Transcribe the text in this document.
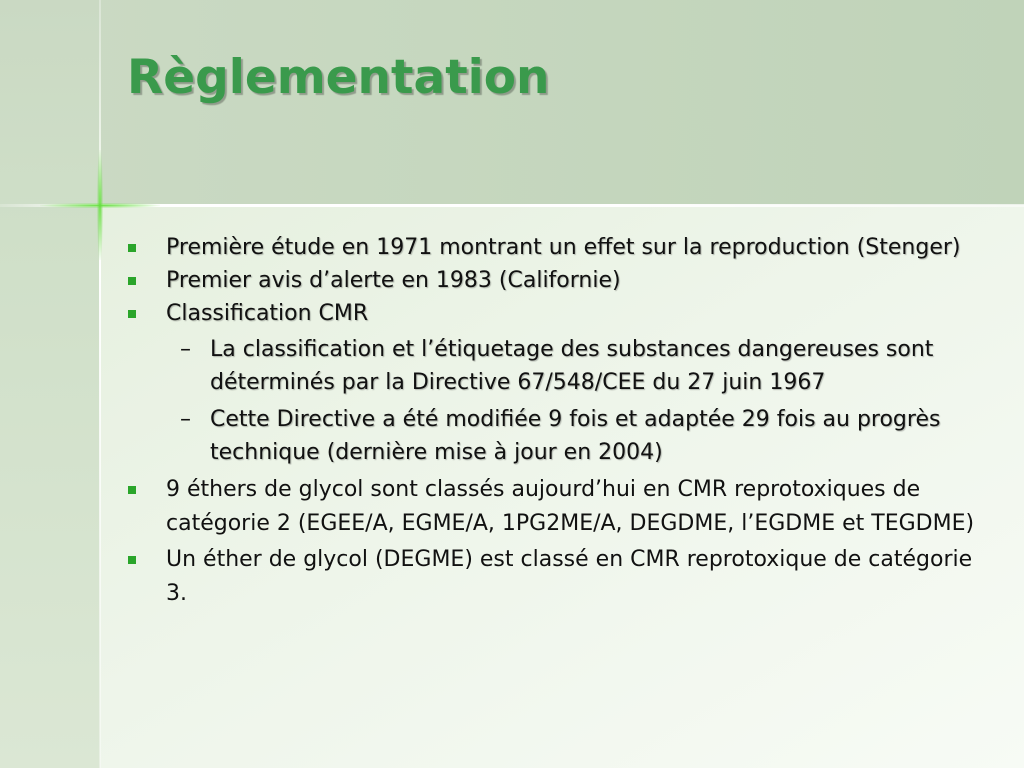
Règlementation
Première étude en 1971 montrant un effet sur la reproduction (Stenger)
Premier avis d’alerte en 1983 (Californie)
Classification CMR
– La classification et l’étiquetage des substances dangereuses sont déterminés par la Directive 67/548/CEE du 27 juin 1967
– Cette Directive a été modifiée 9 fois et adaptée 29 fois au progrès technique (dernière mise à jour en 2004)
9 éthers de glycol sont classés aujourd’hui en CMR reprotoxiques de catégorie 2 (EGEE/A, EGME/A, 1PG2ME/A, DEGDME, l’EGDME et TEGDME)
Un éther de glycol (DEGME) est classé en CMR reprotoxique de catégorie 3.
